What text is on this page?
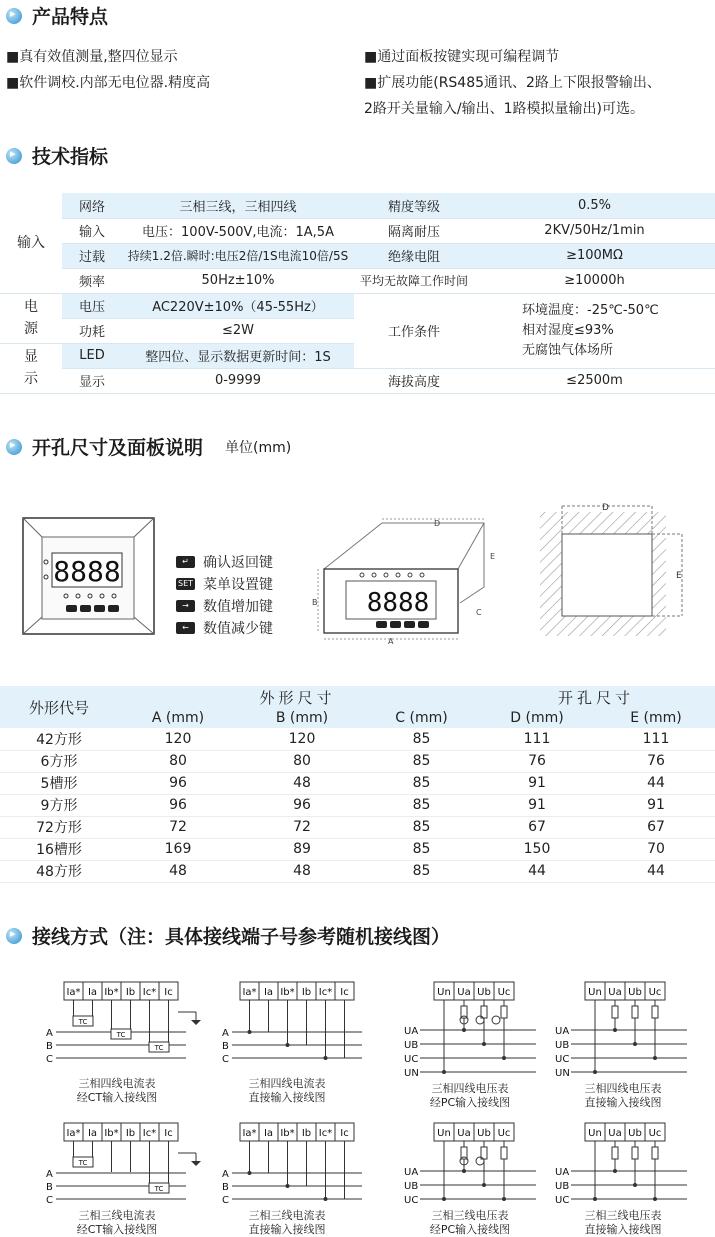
▸
产品特点
■真有效值测量,整四位显示
■软件调校.内部无电位器.精度高
■通过面板按键实现可编程调节
■扩展功能(RS485通讯、2路上下限报警输出、
2路开关量输入/输出、1路模拟量输出)可选。
▸
技术指标
输入	网络	三相三线，三相四线	精度等级	0.5%
	输入	电压：100V-500V,电流：1A,5A	隔离耐压	2KV/50Hz/1min
	过载	持续1.2倍.瞬时:电压2倍/1S电流10倍/5S	绝缘电阻	≥100MΩ
	频率	50Hz±10%	平均无故障工作时间	≥10000h

电源	电压	AC220V±10%（45-55Hz）	工作条件	环境温度：-25℃-50℃
相对湿度≤93%
无腐蚀气体场所

	功耗	≤2W		

显示	LED	整四位、显示数据更新时间：1S		
	显示	0-9999	海拔高度	≤2500m
▸
开孔尺寸及面板说明 单位(mm)
8888	↵	确认返回键
SET 菜单设置键
→	数值增加键
←	数值减少键
D
8888
B
A
E
C
D
E
外形代号	外形尺寸			开孔尺寸	
	A (mm)	B (mm)	C (mm)	D (mm)	E (mm)
42方形	120	120	85	111	111
6方形	80	80	85	76	76
5槽形	96	48	85	91	44
9方形	96	96	85	91	91
72方形	72	72	85	67	67
16槽形	169	89	85	150	70
48方形	48	48	85	44	44
▸
接线方式（注：具体接线端子号参考随机接线图）
Ia* Ia Ib* Ib Ic* Ic
A
B
C
TC
TC
TC
Ia* Ia Ib* Ib Ic* Ic
A
B
C
Un Ua Ub Uc
UA
UB
UC
UN
Un Ua Ub Uc
UA
UB
UC
UN
Ia* Ia Ib* Ib Ic* Ic
A
B
C
TC
TC
Ia* Ia Ib* Ib Ic* Ic
A
B
C
Un Ua Ub Uc
UA
UB
UC
Un Ua Ub Uc
UA
UB
UC
三相四线电流表
经CT输入接线图
三相四线电流表
直接输入接线图
三相四线电压表
经PC输入接线图
三相四线电压表
直接输入接线图
三相三线电流表
经CT输入接线图
三相三线电流表
直接输入接线图
三相三线电压表
经PC输入接线图
三相三线电压表
直接输入接线图
